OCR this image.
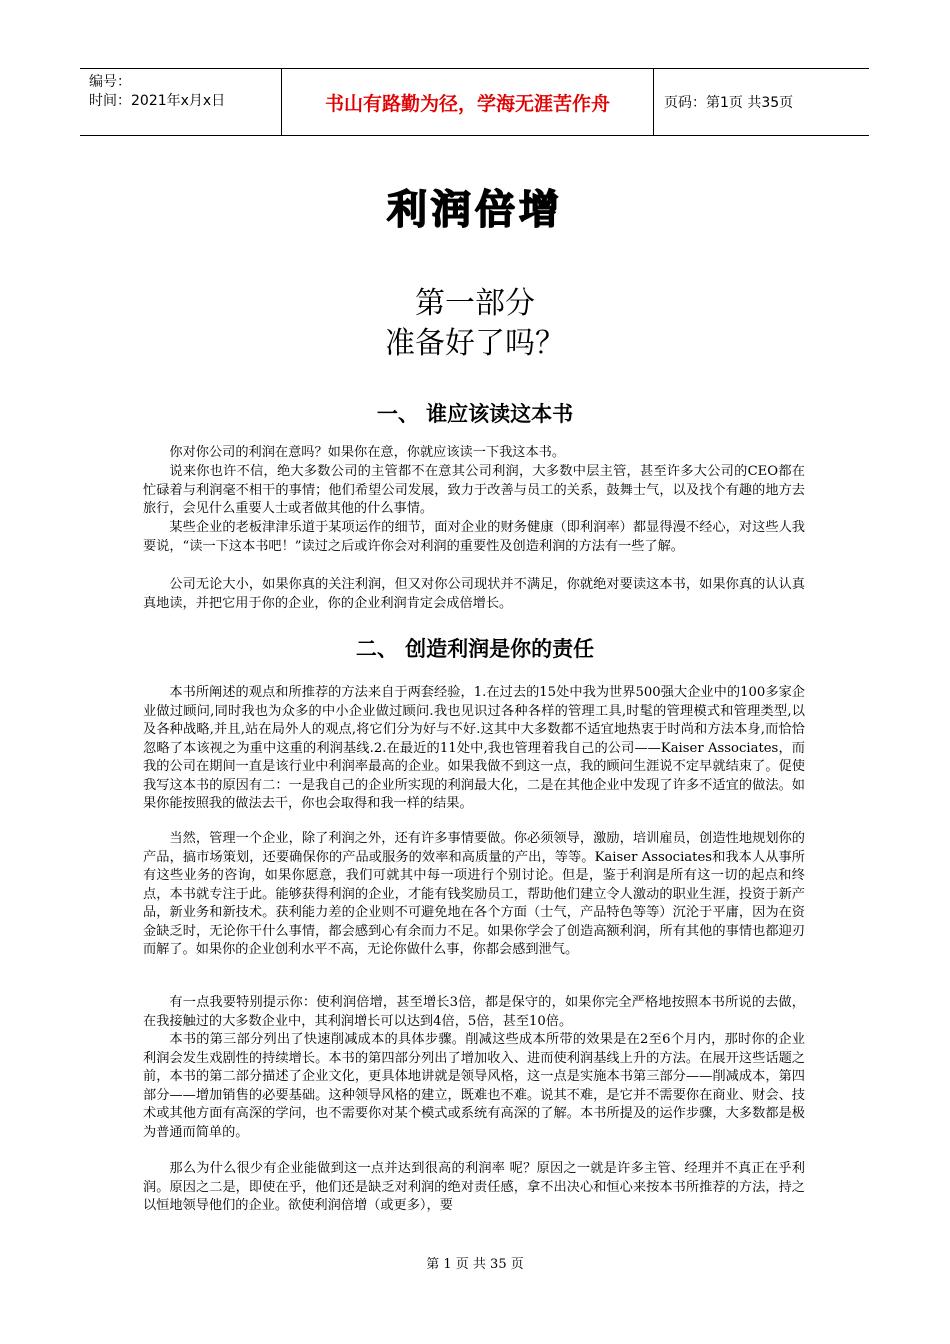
编号：
时间：2021年x月x日	书山有路勤为径，学海无涯苦作舟	页码：第1页 共35页
利润倍增
第一部分
准备好了吗？
一、 谁应该读这本书

你对你公司的利润在意吗？如果你在意，你就应该读一下我这本书。

说来你也许不信，绝大多数公司的主管都不在意其公司利润，大多数中层主管，甚至许多大公司的CEO都在忙碌着与利润毫不相干的事情；他们希望公司发展，致力于改善与员工的关系，鼓舞士气，以及找个有趣的地方去旅行，会见什么重要人士或者做其他的什么事情。

某些企业的老板津津乐道于某项运作的细节，面对企业的财务健康（即利润率）都显得漫不经心，对这些人我要说，“读一下这本书吧！”读过之后或许你会对利润的重要性及创造利润的方法有一些了解。

公司无论大小，如果你真的关注利润，但又对你公司现状并不满足，你就绝对要读这本书，如果你真的认认真真地读，并把它用于你的企业，你的企业利润肯定会成倍增长。

二、 创造利润是你的责任

本书所阐述的观点和所推荐的方法来自于两套经验，1.在过去的15处中我为世界500强大企业中的100多家企业做过顾问,同时我也为众多的中小企业做过顾问.我也见识过各种各样的管理工具,时髦的管理模式和管理类型,以及各种战略,并且,站在局外人的观点,将它们分为好与不好.这其中大多数都不适宜地热衷于时尚和方法本身,而恰恰忽略了本该视之为重中这重的利润基线.2.在最近的11处中,我也管理着我自己的公司——Kaiser Associates，而我的公司在期间一直是该行业中利润率最高的企业。如果我做不到这一点，我的顾问生涯说不定早就结束了。促使我写这本书的原因有二：一是我自己的企业所实现的利润最大化，二是在其他企业中发现了许多不适宜的做法。如果你能按照我的做法去干，你也会取得和我一样的结果。

当然，管理一个企业，除了利润之外，还有许多事情要做。你必须领导，激励，培训雇员，创造性地规划你的产品，搞市场策划，还要确保你的产品或服务的效率和高质量的产出，等等。Kaiser Associates和我本人从事所有这些业务的咨询，如果你愿意，我们可就其中每一项进行个别讨论。但是，鉴于利润是所有这一切的起点和终点，本书就专注于此。能够获得利润的企业，才能有钱奖励员工，帮助他们建立令人激动的职业生涯，投资于新产品，新业务和新技术。获利能力差的企业则不可避免地在各个方面（士气，产品特色等等）沉沦于平庸，因为在资金缺乏时，无论你干什么事情，都会感到心有余而力不足。如果你学会了创造高额利润，所有其他的事情也都迎刃而解了。如果你的企业创利水平不高，无论你做什么事，你都会感到泄气。

有一点我要特别提示你：使利润倍增，甚至增长3倍，都是保守的，如果你完全严格地按照本书所说的去做，在我接触过的大多数企业中，其利润增长可以达到4倍，5倍，甚至10倍。

本书的第三部分列出了快速削减成本的具体步骤。削减这些成本所带的效果是在2至6个月内，那时你的企业利润会发生戏剧性的持续增长。本书的第四部分列出了增加收入、进而使利润基线上升的方法。在展开这些话题之前，本书的第二部分描述了企业文化，更具体地讲就是领导风格，这一点是实施本书第三部分——削减成本，第四部分——增加销售的必要基础。这种领导风格的建立，既难也不难。说其不难，是它并不需要你在商业、财会、技术或其他方面有高深的学问，也不需要你对某个模式或系统有高深的了解。本书所提及的运作步骤，大多数都是极为普通而简单的。

那么为什么很少有企业能做到这一点并达到很高的利润率 呢？原因之一就是许多主管、经理并不真正在乎利润。原因之二是，即使在乎，他们还是缺乏对利润的绝对责任感，拿不出决心和恒心来按本书所推荐的方法，持之以恒地领导他们的企业。欲使利润倍增（或更多），要

第 1 页 共 35 页
